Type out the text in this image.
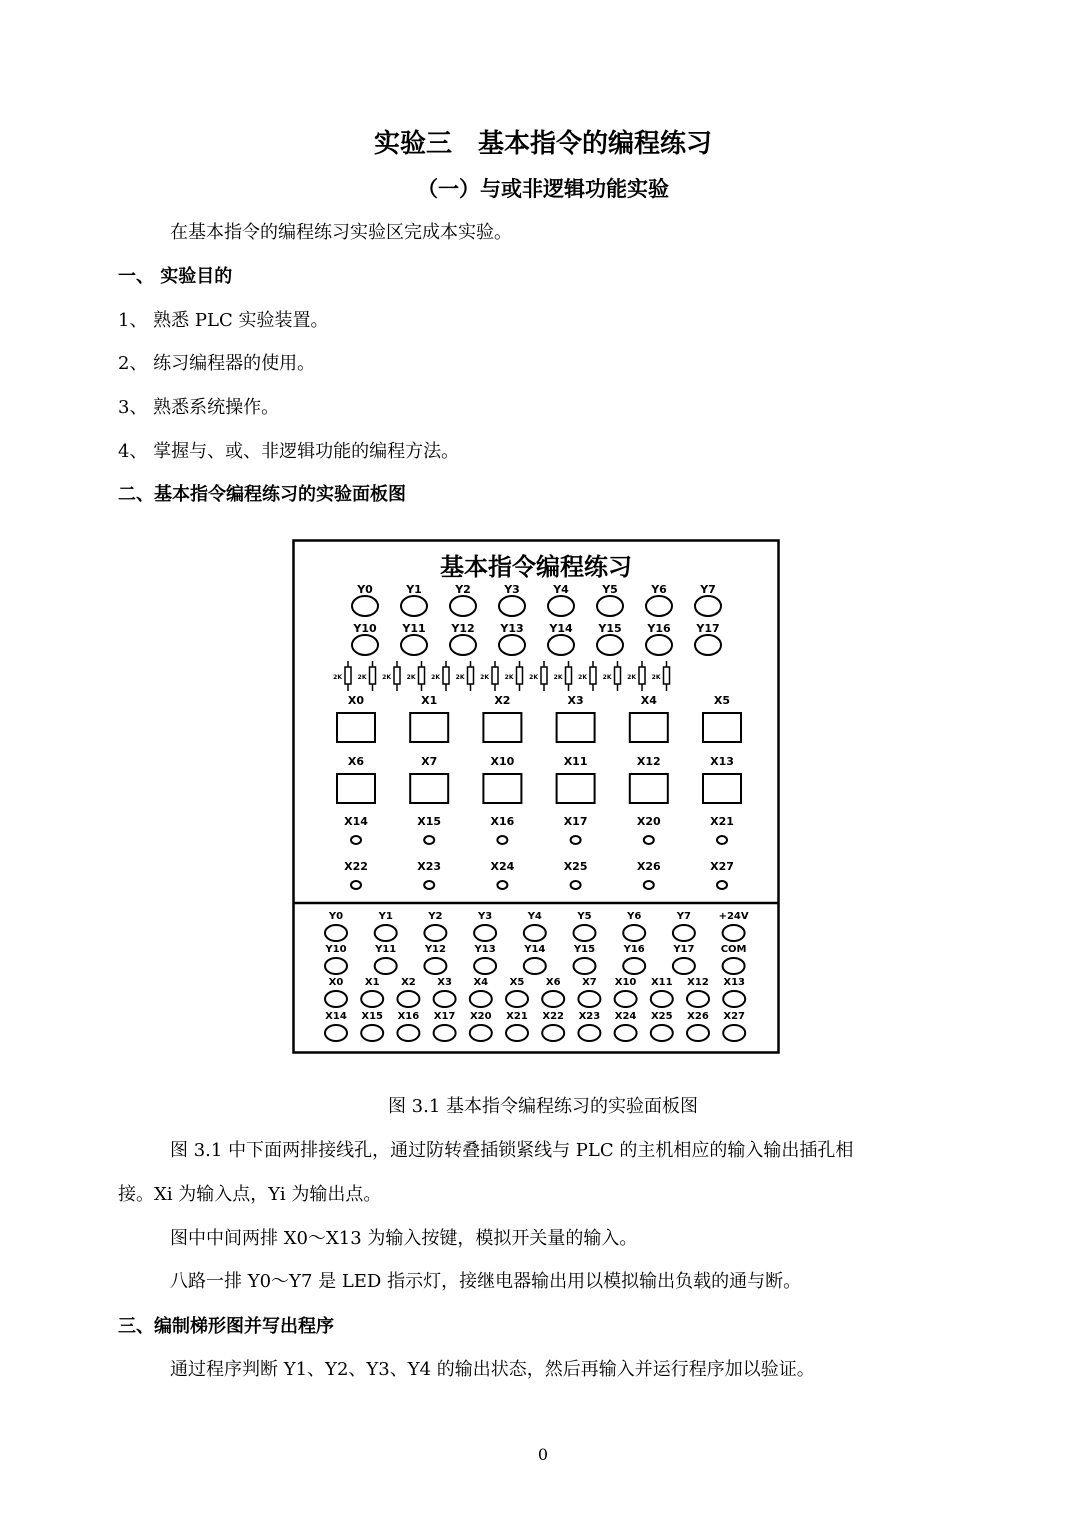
实验三　基本指令的编程练习
（一）与或非逻辑功能实验
在基本指令的编程练习实验区完成本实验。
一、 实验目的
1、 熟悉 PLC 实验装置。
2、 练习编程器的使用。
3、 熟悉系统操作。
4、 掌握与、或、非逻辑功能的编程方法。
二、基本指令编程练习的实验面板图
基本指令编程练习
Y0	Y1	Y2	Y3	Y4	Y5	Y6	Y7
Y10 Y11 Y12 Y13 Y14 Y15 Y16 Y17
2K	2K	2K	2K	2K	2K	2K	2K	2K	2K	2K	2K	2K	2K
X0	X1	X2	X3	X4	X5
X6	X7	X10	X11	X12	X13
X14	X15	X16	X17	X20	X21
X22	X23	X24	X25	X26	X27
Y0	Y1	Y2	Y3	Y4	Y5	Y6	Y7	+24V
Y10	Y11	Y12	Y13	Y14	Y15	Y16	Y17	COM
X0 X1 X2 X3 X4 X5 X6 X7 X10 X11 X12 X13
X14 X15 X16 X17 X20 X21 X22 X23 X24 X25 X26 X27
图 3.1 基本指令编程练习的实验面板图
图 3.1 中下面两排接线孔，通过防转叠插锁紧线与 PLC 的主机相应的输入输出插孔相
接。Xi 为输入点，Yi 为输出点。
图中中间两排 X0～X13 为输入按键，模拟开关量的输入。
八路一排 Y0～Y7 是 LED 指示灯，接继电器输出用以模拟输出负载的通与断。
三、编制梯形图并写出程序
通过程序判断 Y1、Y2、Y3、Y4 的输出状态，然后再输入并运行程序加以验证。
0
